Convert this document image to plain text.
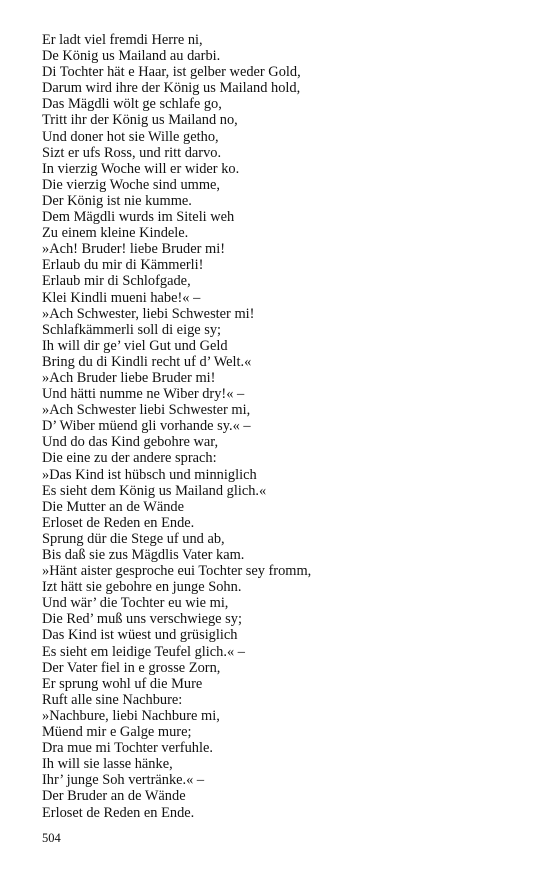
Er ladt viel fremdi Herre ni,
De König us Mailand au darbi.
Di Tochter hät e Haar, ist gelber weder Gold,
Darum wird ihre der König us Mailand hold,
Das Mägdli wölt ge schlafe go,
Tritt ihr der König us Mailand no,
Und doner hot sie Wille getho,
Sizt er ufs Ross, und ritt darvo.
In vierzig Woche will er wider ko.
Die vierzig Woche sind umme,
Der König ist nie kumme.
Dem Mägdli wurds im Siteli weh
Zu einem kleine Kindele.
»Ach! Bruder! liebe Bruder mi!
Erlaub du mir di Kämmerli!
Erlaub mir di Schlofgade,
Klei Kindli mueni habe!« –
»Ach Schwester, liebi Schwester mi!
Schlafkämmerli soll di eige sy;
Ih will dir ge’ viel Gut und Geld
Bring du di Kindli recht uf d’ Welt.«
»Ach Bruder liebe Bruder mi!
Und hätti numme ne Wiber dry!« –
»Ach Schwester liebi Schwester mi,
D’ Wiber müend gli vorhande sy.« –
Und do das Kind gebohre war,
Die eine zu der andere sprach:
»Das Kind ist hübsch und minniglich
Es sieht dem König us Mailand glich.«
Die Mutter an de Wände
Erloset de Reden en Ende.
Sprung dür die Stege uf und ab,
Bis daß sie zus Mägdlis Vater kam.
»Hänt aister gesproche eui Tochter sey fromm,
Izt hätt sie gebohre en junge Sohn.
Und wär’ die Tochter eu wie mi,
Die Red’ muß uns verschwiege sy;
Das Kind ist wüest und grüsiglich
Es sieht em leidige Teufel glich.« –
Der Vater fiel in e grosse Zorn,
Er sprung wohl uf die Mure
Ruft alle sine Nachbure:
»Nachbure, liebi Nachbure mi,
Müend mir e Galge mure;
Dra mue mi Tochter verfuhle.
Ih will sie lasse hänke,
Ihr’ junge Soh vertränke.« –
Der Bruder an de Wände
Erloset de Reden en Ende.
504
